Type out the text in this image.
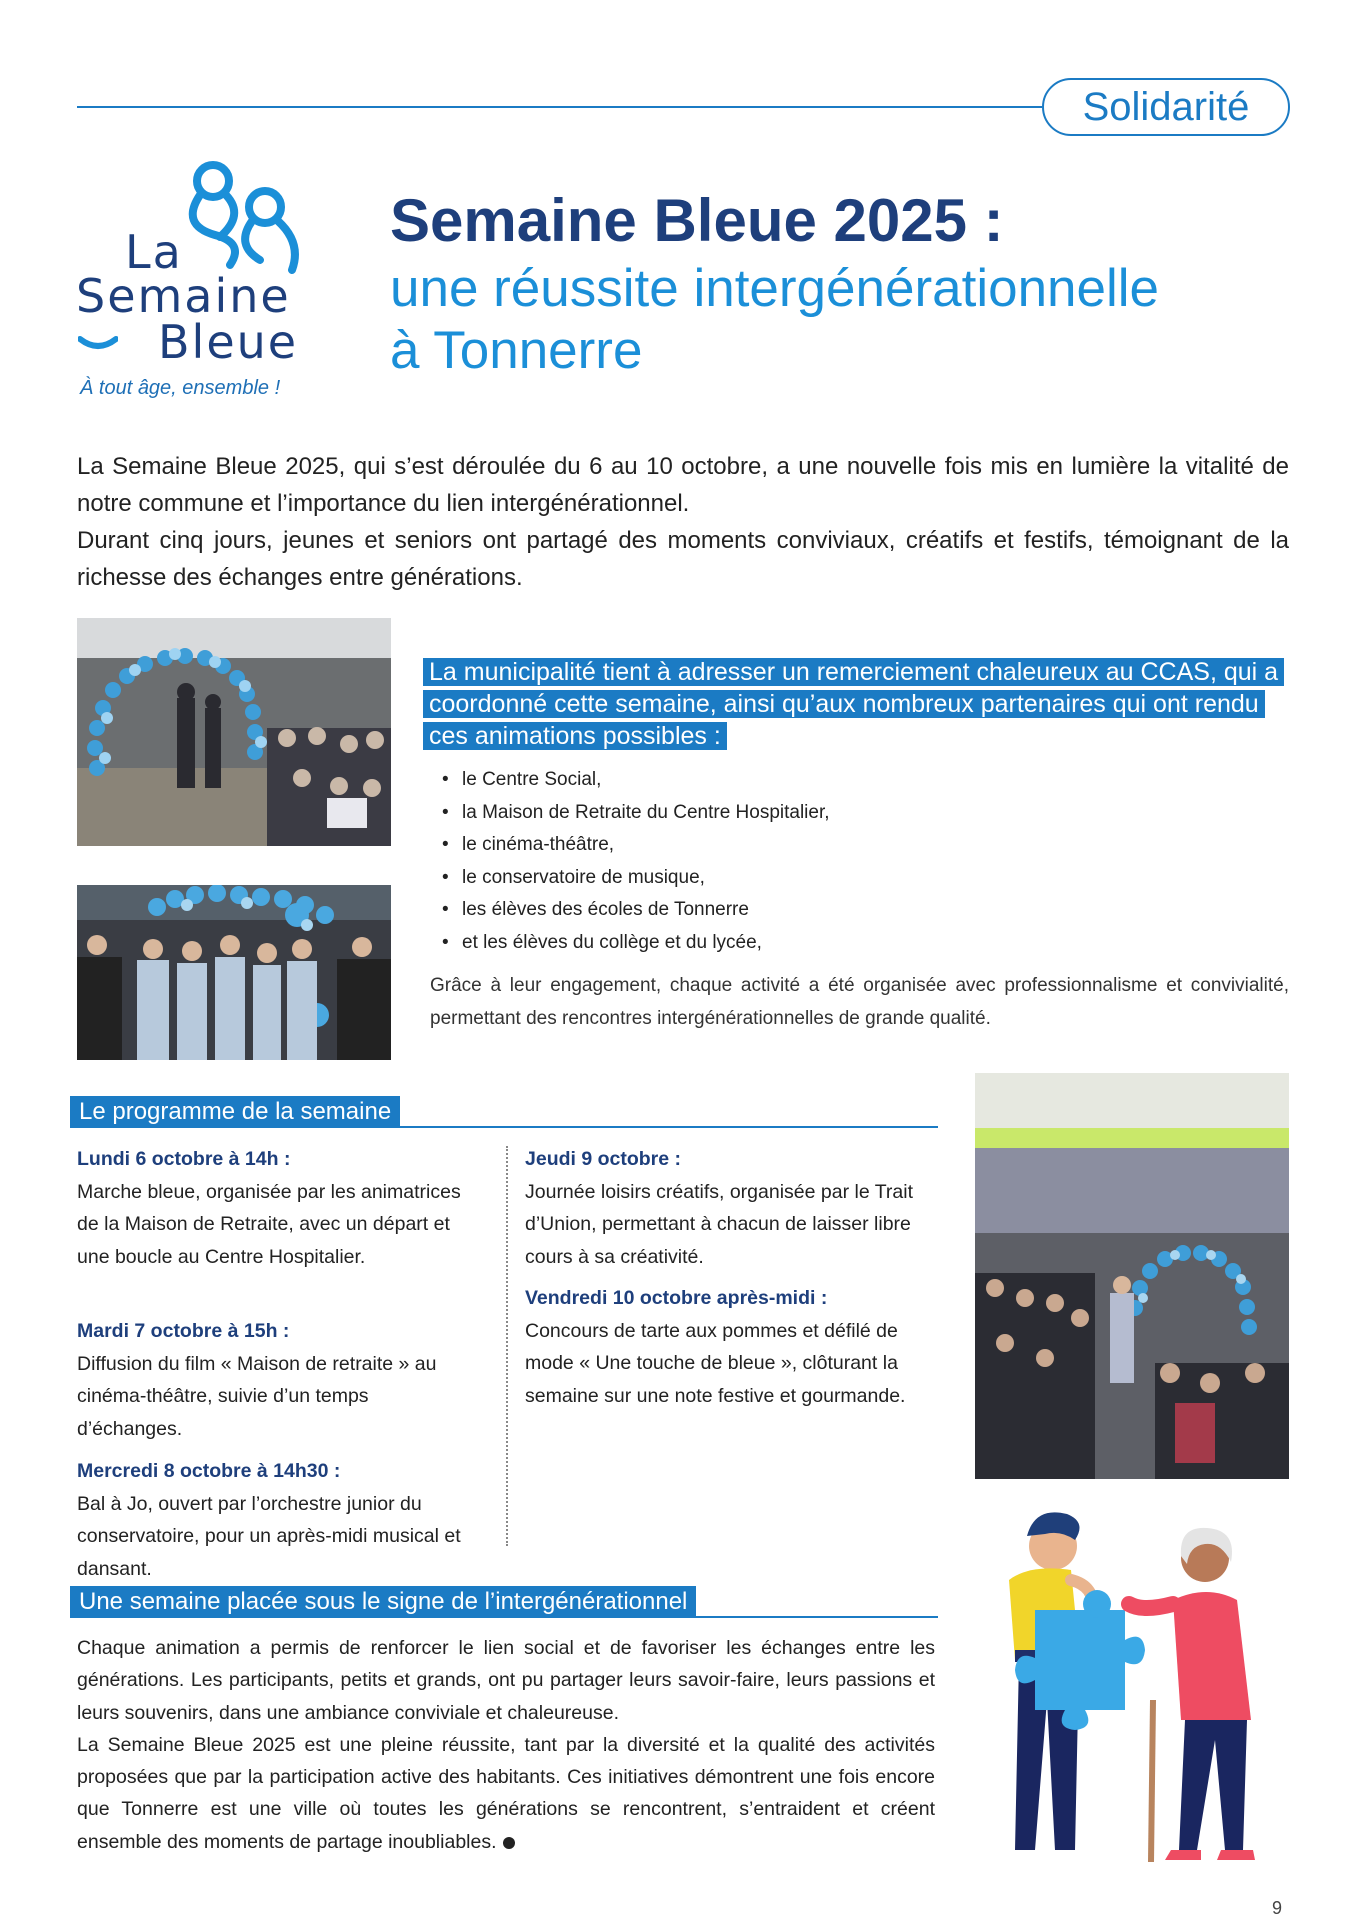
Solidarité
La
Semaine
Bleue
À tout âge, ensemble !
Semaine Bleue 2025 :
une réussite intergénérationnelle
à Tonnerre

La Semaine Bleue 2025, qui s’est déroulée du 6 au 10 octobre, a une nouvelle fois mis en lumière la vitalité de notre commune et l’importance du lien intergénérationnel.

Durant cinq jours, jeunes et seniors ont partagé des moments conviviaux, créatifs et festifs, témoignant de la richesse des échanges entre générations.

La municipalité tient à adresser un remerciement chaleureux au CCAS, qui a coordonné cette semaine, ainsi qu’aux nombreux partenaires qui ont rendu ces animations possibles :
• le Centre Social,
• la Maison de Retraite du Centre Hospitalier,
• le cinéma-théâtre,
• le conservatoire de musique,
• les élèves des écoles de Tonnerre
• et les élèves du collège et du lycée,
Grâce à leur engagement, chaque activité a été organisée avec professionnalisme et convivialité, permettant des rencontres intergénérationnelles de grande qualité.
Le programme de la semaine
Lundi 6 octobre à 14h :
Marche bleue, organisée par les animatrices de la Maison de Retraite, avec un départ et une boucle au Centre Hospitalier.
Mardi 7 octobre à 15h :
Diffusion du film « Maison de retraite » au cinéma-théâtre, suivie d’un temps d’échanges.
Mercredi 8 octobre à 14h30 :
Bal à Jo, ouvert par l’orchestre junior du conservatoire, pour un après-midi musical et dansant.
Jeudi 9 octobre :
Journée loisirs créatifs, organisée par le Trait d’Union, permettant à chacun de laisser libre cours à sa créativité.
Vendredi 10 octobre après-midi :
Concours de tarte aux pommes et défilé de mode « Une touche de bleue », clôturant la semaine sur une note festive et gourmande.
Une semaine placée sous le signe de l’intergénérationnel

Chaque animation a permis de renforcer le lien social et de favoriser les échanges entre les générations. Les participants, petits et grands, ont pu partager leurs savoir-faire, leurs passions et leurs souvenirs, dans une ambiance conviviale et chaleureuse.

La Semaine Bleue 2025 est une pleine réussite, tant par la diversité et la qualité des activités proposées que par la participation active des habitants. Ces initiatives démontrent une fois encore que Tonnerre est une ville où toutes les générations se rencontrent, s’entraident et créent ensemble des moments de partage inoubliables.

9
